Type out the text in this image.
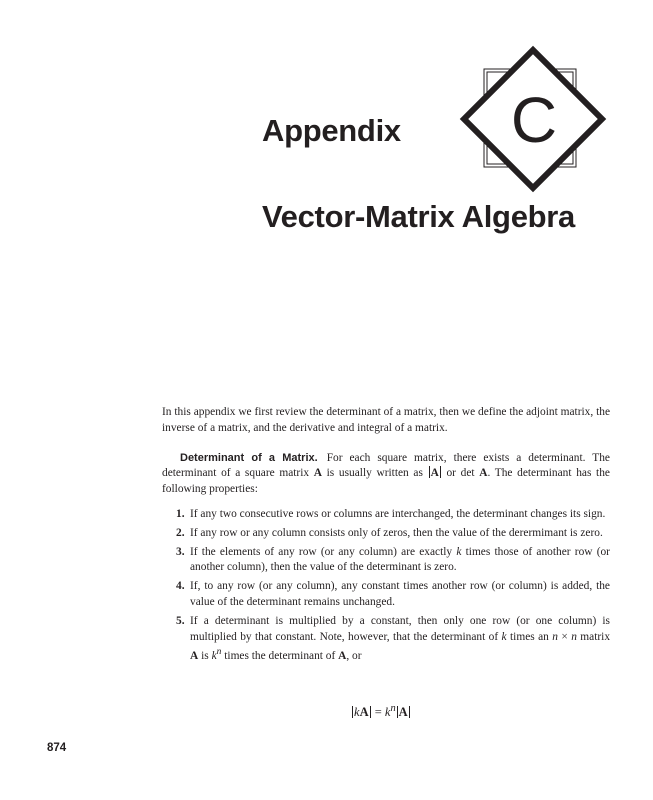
Appendix C
Vector-Matrix Algebra

In this appendix we first review the determinant of a matrix, then we define the adjoint matrix, the inverse of a matrix, and the derivative and integral of a matrix.

Determinant of a Matrix. For each square matrix, there exists a determinant. The determinant of a square matrix A is usually written as A or det A. The determinant has the following properties:

1. If any two consecutive rows or columns are interchanged, the determinant changes its sign.
2. If any row or any column consists only of zeros, then the value of the derermimant is zero.
3. If the elements of any row (or any column) are exactly k times those of another row (or another column), then the value of the determinant is zero.
4. If, to any row (or any column), any constant times another row (or column) is added, the value of the determinant remains unchanged.
5. If a determinant is multiplied by a constant, then only one row (or one column) is multiplied by that constant. Note, however, that the determinant of k times an n × n matrix A is $k^n$ times the determinant of A, or
kA = $k^n$ A
874
